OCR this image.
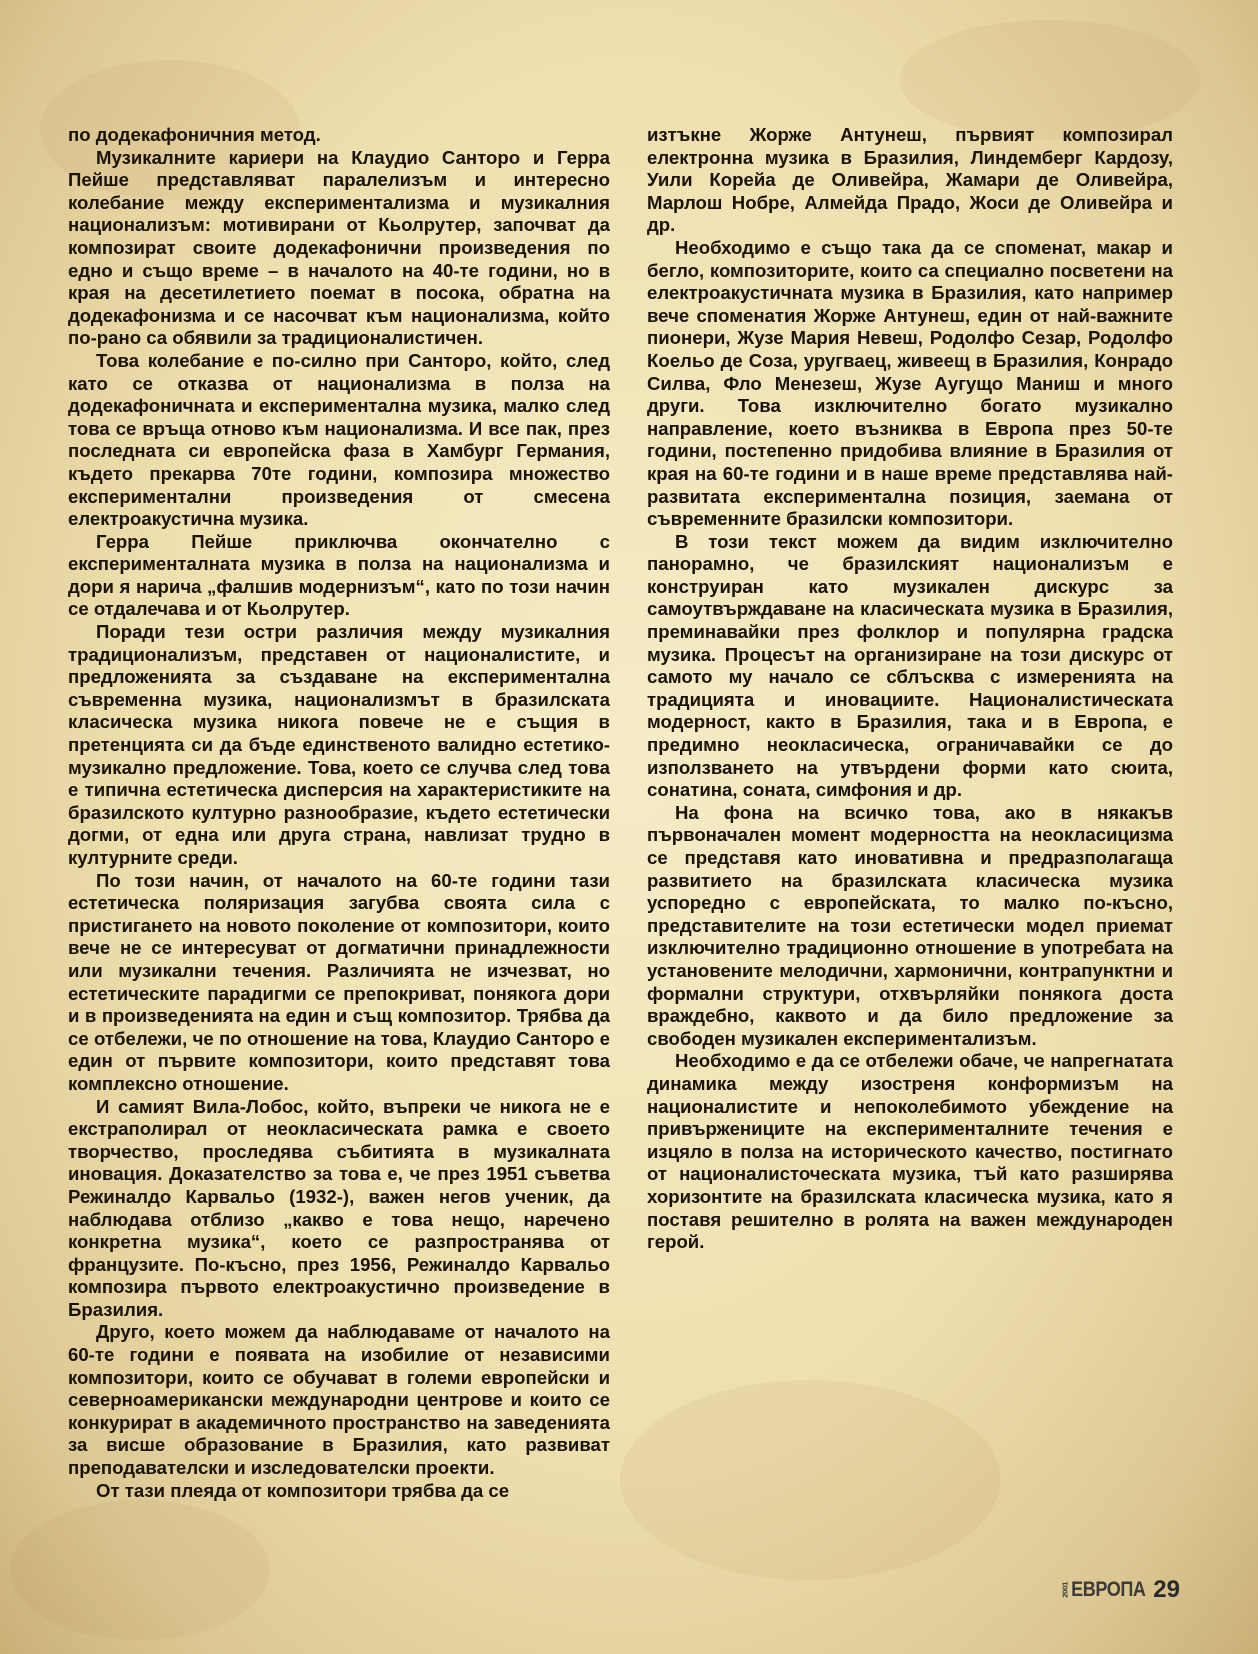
по додекафоничния метод.

Музикалните кариери на Клаудио Санторо и Герра Пейше представляват паралелизъм и интересно колебание между експериментализма и музикалния национализъм: мотивирани от Кьолрутер, започват да композират своите додекафонични произведения по едно и също време – в началото на 40-те години, но в края на десетилетието поемат в посока, обратна на додекафонизма и се насочват към национализма, който по-рано са обявили за традиционалистичен.

Това колебание е по-силно при Санторо, който, след като се отказва от национализма в полза на додекафоничната и експериментална музика, малко след това се връща отново към национализма. И все пак, през последната си европейска фаза в Хамбург Германия, където прекарва 70те години, композира множество експериментални произведения от смесена електроакустична музика.

Герра Пейше приключва окончателно с експерименталната музика в полза на национализма и дори я нарича „фалшив модернизъм“, като по този начин се отдалечава и от Кьолрутер.

Поради тези остри различия между музикалния традиционализъм, представен от националистите, и предложенията за създаване на експериментална съвременна музика, национализмът в бразилската класическа музика никога повече не е същия в претенцията си да бъде единственото валидно естетико-музикално предложение. Това, което се случва след това е типична естетическа дисперсия на характеристиките на бразилското културно разнообразие, където естетически догми, от една или друга страна, навлизат трудно в културните среди.

По този начин, от началото на 60-те години тази естетическа поляризация загубва своята сила с пристигането на новото поколение от композитори, които вече не се интересуват от догматични принадлежности или музикални течения. Различията не изчезват, но естетическите парадигми се препокриват, понякога дори и в произведенията на един и същ композитор. Трябва да се отбележи, че по отношение на това, Клаудио Санторо е един от първите композитори, които представят това комплексно отношение.

И самият Вила-Лобос, който, въпреки че никога не е екстраполирал от неокласическата рамка е своето творчество, проследява събитията в музикалната иновация. Доказателство за това е, че през 1951 съветва Режиналдо Карвальо (1932-), важен негов ученик, да наблюдава отблизо „какво е това нещо, наречено конкретна музика“, което се разпространява от французите. По-късно, през 1956, Режиналдо Карвальо композира първото електроакустично произведение в Бразилия.

Друго, което можем да наблюдаваме от началото на 60-те години е появата на изобилие от независими композитори, които се обучават в големи европейски и северноамерикански международни центрове и които се конкурират в академичното пространство на заведенията за висше образование в Бразилия, като развиват преподавателски и изследователски проекти.

От тази плеяда от композитори трябва да се

изтъкне Жорже Антунеш, първият композирал електронна музика в Бразилия, Линдемберг Кардозу, Уили Корейа де Оливейра, Жамари де Оливейра, Марлош Нобре, Алмейда Прадо, Жоси де Оливейра и др.

Необходимо е също така да се споменат, макар и бегло, композиторите, които са специално посветени на електроакустичната музика в Бразилия, като например вече споменатия Жорже Антунеш, един от най-важните пионери, Жузе Мария Невеш, Родолфо Сезар, Родолфо Коельо де Соза, уругваец, живеещ в Бразилия, Конрадо Силва, Фло Менезеш, Жузе Аугущо Маниш и много други. Това изключително богато музикално направление, което възниква в Европа през 50-те години, постепенно придобива влияние в Бразилия от края на 60-те години и в наше време представлява най-развитата експериментална позиция, заемана от съвременните бразилски композитори.

В този текст можем да видим изключително панорамно, че бразилският национализъм е конструиран като музикален дискурс за самоутвърждаване на класическата музика в Бразилия, преминавайки през фолклор и популярна градска музика. Процесът на организиране на този дискурс от самото му начало се сблъсква с измеренията на традицията и иновациите. Националистическата модерност, както в Бразилия, така и в Европа, е предимно неокласическа, ограничавайки се до използването на утвърдени форми като сюита, сонатина, соната, симфония и др.

На фона на всичко това, ако в някакъв първоначален момент модерността на неокласицизма се представя като иновативна и предразполагаща развитието на бразилската класическа музика успоредно с европейската, то малко по-късно, представителите на този естетически модел приемат изключително традиционно отношение в употребата на установените мелодични, хармонични, контрапунктни и формални структури, отхвърляйки понякога доста враждебно, каквото и да било предложение за свободен музикален експериментализъм.

Необходимо е да се отбележи обаче, че напрегнатата динамика между изостреня конформизъм на националистите и непоколебимото убеждение на привържениците на експерименталните течения е изцяло в полза на историческото качество, постигнато от националисточеската музика, тъй като разширява хоризонтите на бразилската класическа музика, като я поставя решително в ролята на важен международен герой.

2001 ЕВРОПА 29
